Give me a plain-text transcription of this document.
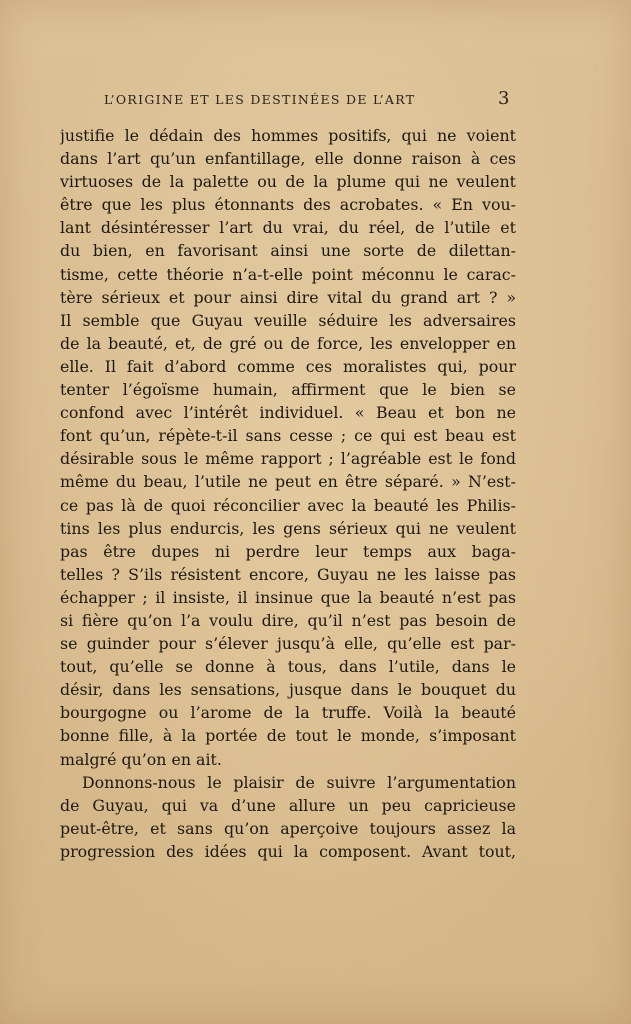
L’ORIGINE ET LES DESTINÉES DE L’ART	3
justifie le dédain des hommes positifs, qui ne voient
dans l’art qu’un enfantillage, elle donne raison à ces
virtuoses de la palette ou de la plume qui ne veulent
être que les plus étonnants des acrobates. « En vou-
lant désintéresser l’art du vrai, du réel, de l’utile et
du bien, en favorisant ainsi une sorte de dilettan-
tisme, cette théorie n’a-t-elle point méconnu le carac-
tère sérieux et pour ainsi dire vital du grand art ? »
Il semble que Guyau veuille séduire les adversaires
de la beauté, et, de gré ou de force, les envelopper en
elle. Il fait d’abord comme ces moralistes qui, pour
tenter l’égoïsme humain, affirment que le bien se
confond avec l’intérêt individuel. « Beau et bon ne
font qu’un, répète-t-il sans cesse ; ce qui est beau est
désirable sous le même rapport ; l’agréable est le fond
même du beau, l’utile ne peut en être séparé. » N’est-
ce pas là de quoi réconcilier avec la beauté les Philis-
tins les plus endurcis, les gens sérieux qui ne veulent
pas être dupes ni perdre leur temps aux baga-
telles ? S’ils résistent encore, Guyau ne les laisse pas
échapper ; il insiste, il insinue que la beauté n’est pas
si fière qu’on l’a voulu dire, qu’il n’est pas besoin de
se guinder pour s’élever jusqu’à elle, qu’elle est par-
tout, qu’elle se donne à tous, dans l’utile, dans le
désir, dans les sensations, jusque dans le bouquet du
bourgogne ou l’arome de la truffe. Voilà la beauté
bonne fille, à la portée de tout le monde, s’imposant
malgré qu’on en ait.
Donnons-nous le plaisir de suivre l’argumentation
de Guyau, qui va d’une allure un peu capricieuse
peut-être, et sans qu’on aperçoive toujours assez la
progression des idées qui la composent. Avant tout,
